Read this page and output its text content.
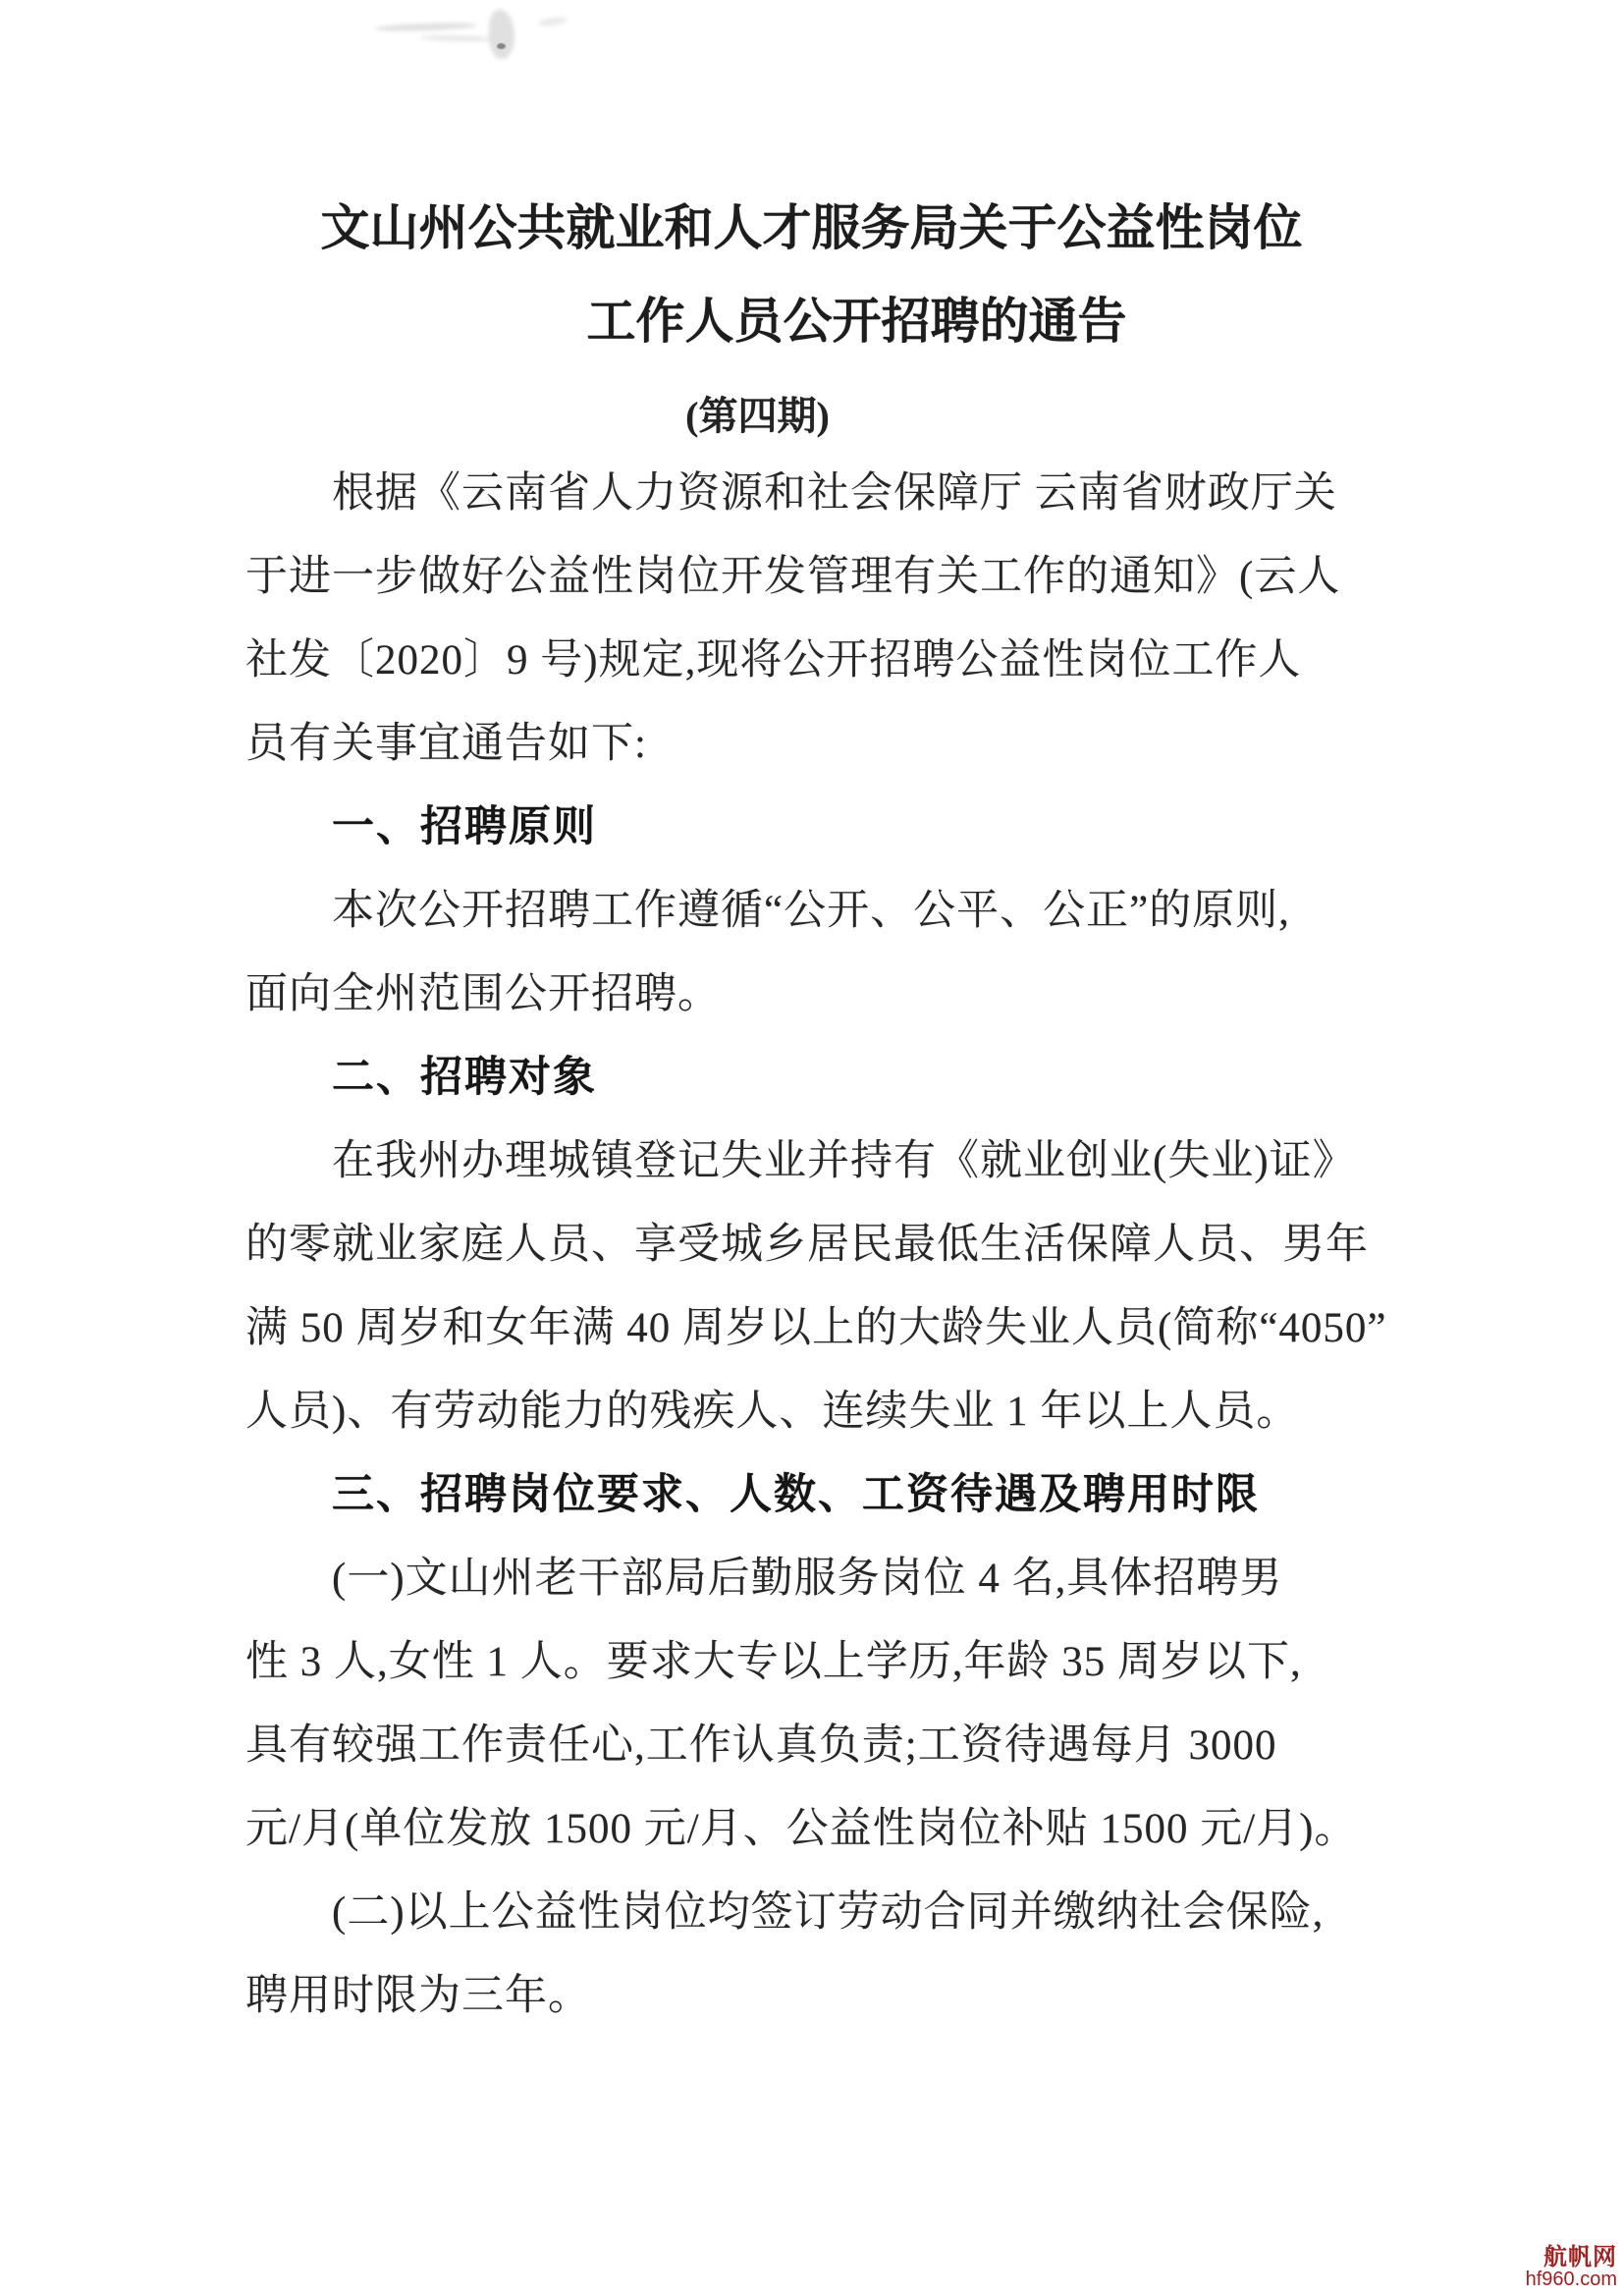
文山州公共就业和人才服务局关于公益性岗位
工作人员公开招聘的通告
(第四期)
根据《云南省人力资源和社会保障厅 云南省财政厅关
于进一步做好公益性岗位开发管理有关工作的通知》(云人
社发〔2020〕9 号)规定,现将公开招聘公益性岗位工作人
员有关事宜通告如下:
一、招聘原则
本次公开招聘工作遵循“公开、公平、公正”的原则,
面向全州范围公开招聘。
二、招聘对象
在我州办理城镇登记失业并持有《就业创业(失业)证》
的零就业家庭人员、享受城乡居民最低生活保障人员、男年
满 50 周岁和女年满 40 周岁以上的大龄失业人员(简称“4050”
人员)、有劳动能力的残疾人、连续失业 1 年以上人员。
三、招聘岗位要求、人数、工资待遇及聘用时限
(一)文山州老干部局后勤服务岗位 4 名,具体招聘男
性 3 人,女性 1 人。要求大专以上学历,年龄 35 周岁以下,
具有较强工作责任心,工作认真负责;工资待遇每月 3000
元/月(单位发放 1500 元/月、公益性岗位补贴 1500 元/月)。
(二)以上公益性岗位均签订劳动合同并缴纳社会保险,
聘用时限为三年。
航帆网
hf960.com
